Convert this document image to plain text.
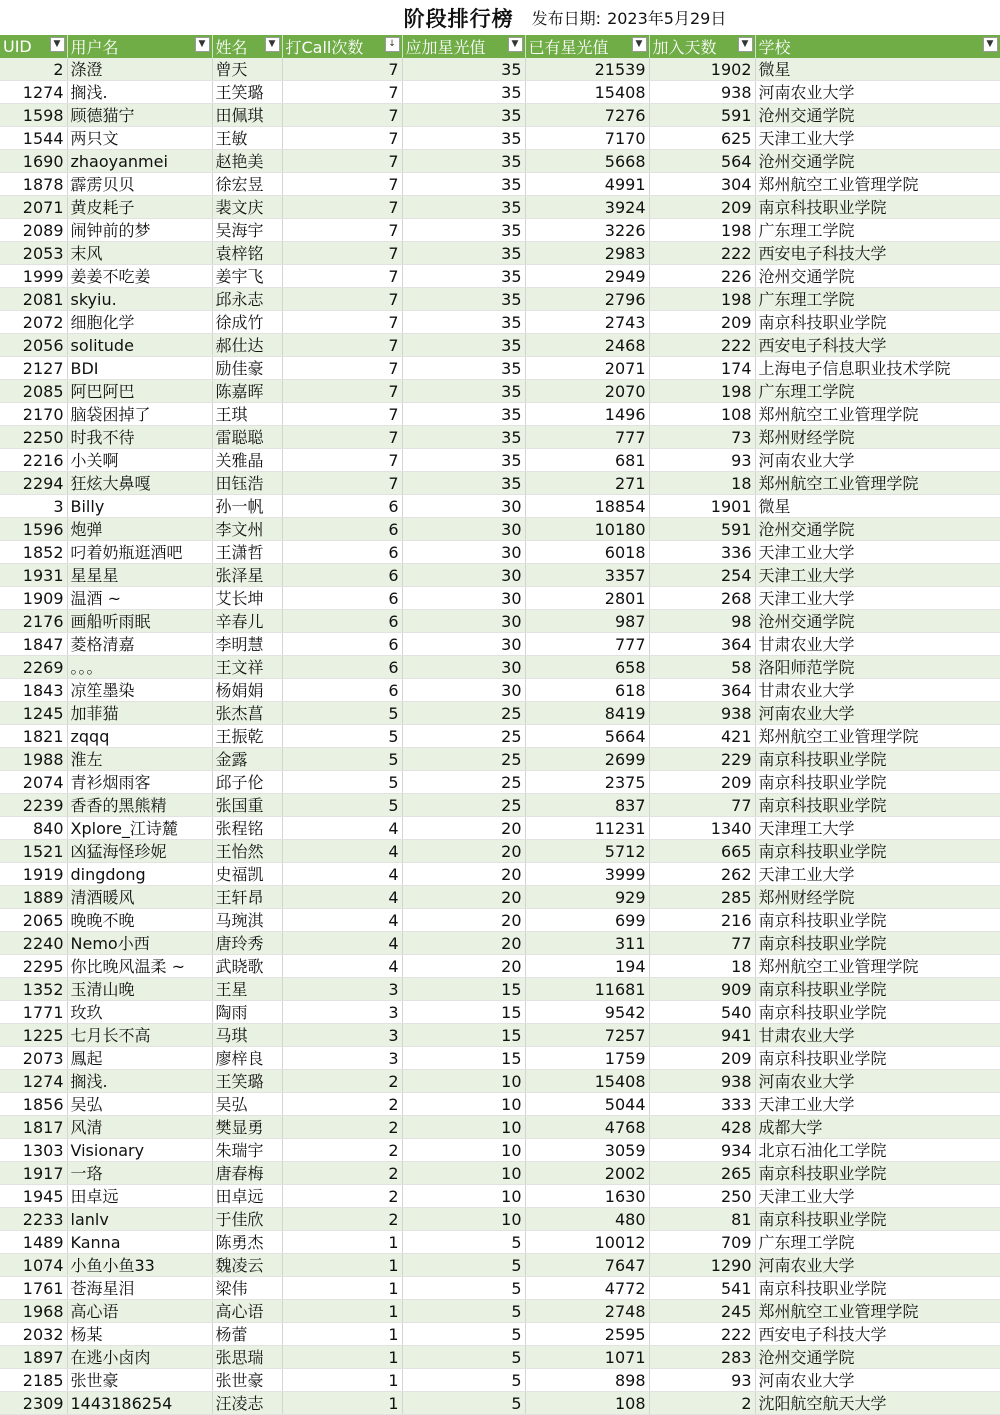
阶段排行榜 发布日期: 2023年5月29日
UID ▼	用户名 ▼	姓名 ▼	打Call次数 ↓	应加星光值 ▼	已有星光值 ▼	加入天数 ▼	学校 ▼

2	涤澄	曾天	7	35	21539	1902	微星
1274	搁浅.	王笑璐	7	35	15408	938	河南农业大学
1598	顾德猫宁	田佩琪	7	35	7276	591	沧州交通学院
1544	两只文	王敏	7	35	7170	625	天津工业大学
1690	zhaoyanmei	赵艳美	7	35	5668	564	沧州交通学院
1878	霹雳贝贝	徐宏昱	7	35	4991	304	郑州航空工业管理学院
2071	黄皮耗子	裴文庆	7	35	3924	209	南京科技职业学院
2089	闹钟前的梦	吴海宇	7	35	3226	198	广东理工学院
2053	末风	袁梓铭	7	35	2983	222	西安电子科技大学
1999	姜姜不吃姜	姜宇飞	7	35	2949	226	沧州交通学院
2081	skyiu.	邱永志	7	35	2796	198	广东理工学院
2072	细胞化学	徐成竹	7	35	2743	209	南京科技职业学院
2056	solitude	郝仕达	7	35	2468	222	西安电子科技大学
2127	BDI	励佳豪	7	35	2071	174	上海电子信息职业技术学院
2085	阿巴阿巴	陈嘉晖	7	35	2070	198	广东理工学院
2170	脑袋困掉了	王琪	7	35	1496	108	郑州航空工业管理学院
2250	时我不待	雷聪聪	7	35	777	73	郑州财经学院
2216	小关啊	关雅晶	7	35	681	93	河南农业大学
2294	狂炫大鼻嘎	田钰浩	7	35	271	18	郑州航空工业管理学院
3	Billy	孙一帆	6	30	18854	1901	微星
1596	炮弹	李文州	6	30	10180	591	沧州交通学院
1852	叼着奶瓶逛酒吧	王潇哲	6	30	6018	336	天津工业大学
1931	星星星	张泽星	6	30	3357	254	天津工业大学
1909	温酒 ~	艾长坤	6	30	2801	268	天津工业大学
2176	画船听雨眠	辛春儿	6	30	987	98	沧州交通学院
1847	菱格清嘉	李明慧	6	30	777	364	甘肃农业大学
2269	。。。	王文祥	6	30	658	58	洛阳师范学院
1843	凉笙墨染	杨娟娟	6	30	618	364	甘肃农业大学
1245	加菲猫	张杰菖	5	25	8419	938	河南农业大学
1821	zqqq	王振乾	5	25	5664	421	郑州航空工业管理学院
1988	淮左	金露	5	25	2699	229	南京科技职业学院
2074	青衫烟雨客	邱子伦	5	25	2375	209	南京科技职业学院
2239	香香的黑熊精	张国重	5	25	837	77	南京科技职业学院
840	Xplore_江诗麓	张程铭	4	20	11231	1340	天津理工大学
1521	凶猛海怪珍妮	王怡然	4	20	5712	665	南京科技职业学院
1919	dingdong	史福凯	4	20	3999	262	天津工业大学
1889	清酒暖风	王轩昂	4	20	929	285	郑州财经学院
2065	晚晚不晚	马琬淇	4	20	699	216	南京科技职业学院
2240	Nemo小西	唐玲秀	4	20	311	77	南京科技职业学院
2295	你比晚风温柔 ~	武晓歌	4	20	194	18	郑州航空工业管理学院
1352	玉清山晚	王星	3	15	11681	909	南京科技职业学院
1771	玫玖	陶雨	3	15	9542	540	南京科技职业学院
1225	七月长不高	马琪	3	15	7257	941	甘肃农业大学
2073	鳳起	廖梓良	3	15	1759	209	南京科技职业学院
1274	搁浅.	王笑璐	2	10	15408	938	河南农业大学
1856	吴弘	吴弘	2	10	5044	333	天津工业大学
1817	风清	樊显勇	2	10	4768	428	成都大学
1303	Visionary	朱瑞宇	2	10	3059	934	北京石油化工学院
1917	一珞	唐春梅	2	10	2002	265	南京科技职业学院
1945	田卓远	田卓远	2	10	1630	250	天津工业大学
2233	lanlv	于佳欣	2	10	480	81	南京科技职业学院
1489	Kanna	陈勇杰	1	5	10012	709	广东理工学院
1074	小鱼小鱼33	魏凌云	1	5	7647	1290	河南农业大学
1761	苍海星泪	梁伟	1	5	4772	541	南京科技职业学院
1968	高心语	高心语	1	5	2748	245	郑州航空工业管理学院
2032	杨某	杨蕾	1	5	2595	222	西安电子科技大学
1897	在逃小卤肉	张思瑞	1	5	1071	283	沧州交通学院
2185	张世豪	张世豪	1	5	898	93	河南农业大学
2309	1443186254	汪凌志	1	5	108	2	沈阳航空航天大学
